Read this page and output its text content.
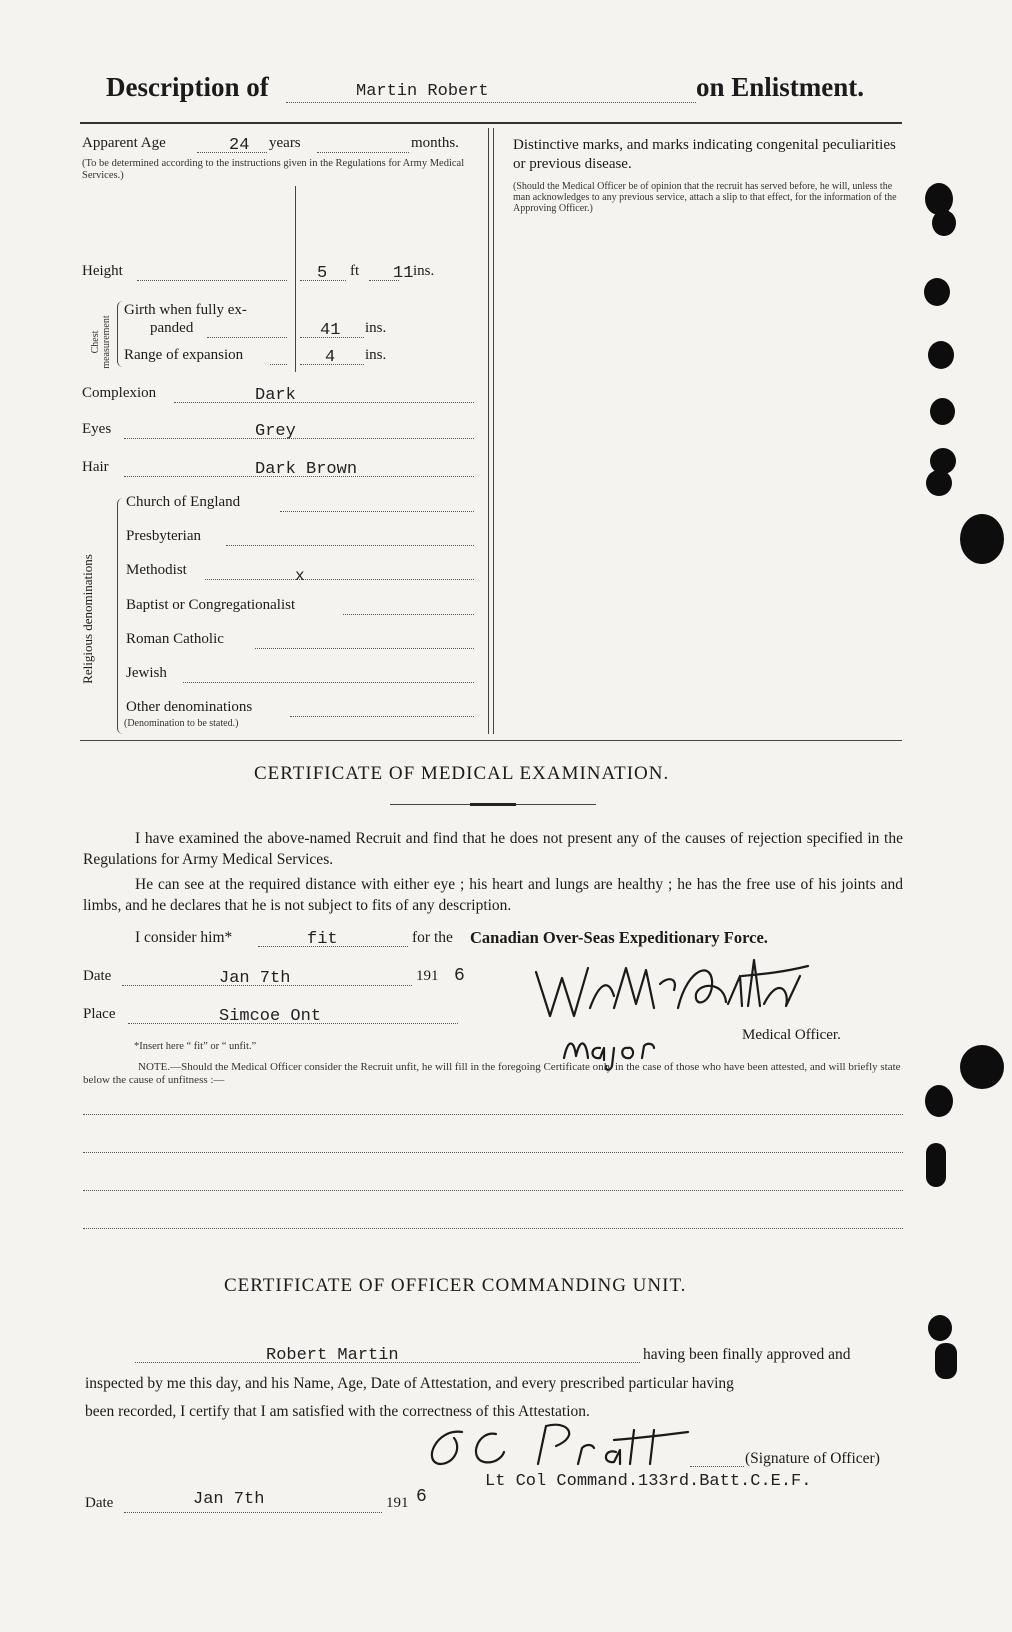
Description of	Martin Robert	on Enlistment.
Apparent Age	24 years	months.
(To be determined according to the instructions given in the Regulations for Army Medical Services.)
Height	5 ft 11 ins.
Chest measurement
Girth when fully ex-
panded	41 ins.
Range of expansion	4 ins.
Complexion	Dark
Eyes	Grey
Hair	Dark Brown
Religious denominations
Church of England
Presbyterian
Methodist	x
Baptist or Congregationalist
Roman Catholic
Jewish
Other denominations
(Denomination to be stated.)
Distinctive marks, and marks indicating congenital peculiarities or previous disease.
(Should the Medical Officer be of opinion that the recruit has served before, he will, unless the man acknowledges to any previous service, attach a slip to that effect, for the information of the Approving Officer.)
CERTIFICATE OF MEDICAL EXAMINATION.
I have examined the above-named Recruit and find that he does not present any of the causes of rejection specified in the Regulations for Army Medical Services.
He can see at the required distance with either eye ; his heart and lungs are healthy ; he has the free use of his joints and limbs, and he declares that he is not subject to fits of any description.
I consider him*	fit	for the Canadian Over-Seas Expeditionary Force.
Date	Jan 7th	191 6
Place	Simcoe Ont
Medical Officer.
*Insert here “ fit” or “ unfit.”
NOTE.—Should the Medical Officer consider the Recruit unfit, he will fill in the foregoing Certificate only in the case of those who have been attested, and will briefly state below the cause of unfitness :—
CERTIFICATE OF OFFICER COMMANDING UNIT.
Robert Martin	having been finally approved and
inspected by me this day, and his Name, Age, Date of Attestation, and every prescribed particular having
been recorded, I certify that I am satisfied with the correctness of this Attestation.
(Signature of Officer)
Lt Col Command.133rd.Batt.C.E.F.
Date	Jan 7th	191 6
